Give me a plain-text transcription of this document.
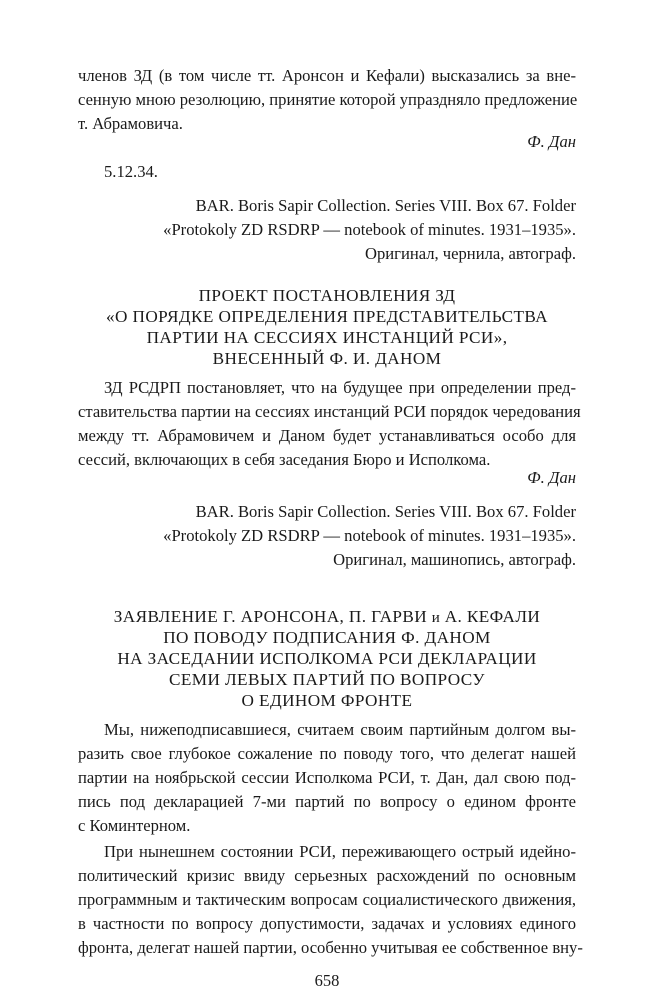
членов ЗД (в том числе тт. Аронсон и Кефали) высказались за вне-
сенную мною резолюцию, принятие которой упраздняло предложение
т. Абрамовича.
Ф. Дан
5.12.34.
BAR. Boris Sapir Collection. Series VIII. Box 67. Folder
«Protokoly ZD RSDRP — notebook of minutes. 1931–1935».
Оригинал, чернила, автограф.
ПРОЕКТ ПОСТАНОВЛЕНИЯ ЗД
«О ПОРЯДКЕ ОПРЕДЕЛЕНИЯ ПРЕДСТАВИТЕЛЬСТВА
ПАРТИИ НА СЕССИЯХ ИНСТАНЦИЙ РСИ»,
ВНЕСЕННЫЙ Ф. И. ДАНОМ
ЗД РСДРП постановляет, что на будущее при определении пред-
ставительства партии на сессиях инстанций РСИ порядок чередования
между тт. Абрамовичем и Даном будет устанавливаться особо для
сессий, включающих в себя заседания Бюро и Исполкома.
Ф. Дан
BAR. Boris Sapir Collection. Series VIII. Box 67. Folder
«Protokoly ZD RSDRP — notebook of minutes. 1931–1935».
Оригинал, машинопись, автограф.
ЗАЯВЛЕНИЕ Г. АРОНСОНА, П. ГАРВИ и А. КЕФАЛИ
ПО ПОВОДУ ПОДПИСАНИЯ Ф. ДАНОМ
НА ЗАСЕДАНИИ ИСПОЛКОМА РСИ ДЕКЛАРАЦИИ
СЕМИ ЛЕВЫХ ПАРТИЙ ПО ВОПРОСУ
О ЕДИНОМ ФРОНТЕ
Мы, нижеподписавшиеся, считаем своим партийным долгом вы-
разить свое глубокое сожаление по поводу того, что делегат нашей
партии на ноябрьской сессии Исполкома РСИ, т. Дан, дал свою под-
пись под декларацией 7-ми партий по вопросу о едином фронте
с Коминтерном.
При нынешнем состоянии РСИ, переживающего острый идейно-
политический кризис ввиду серьезных расхождений по основным
программным и тактическим вопросам социалистического движения,
в частности по вопросу допустимости, задачах и условиях единого
фронта, делегат нашей партии, особенно учитывая ее собственное вну-
658
